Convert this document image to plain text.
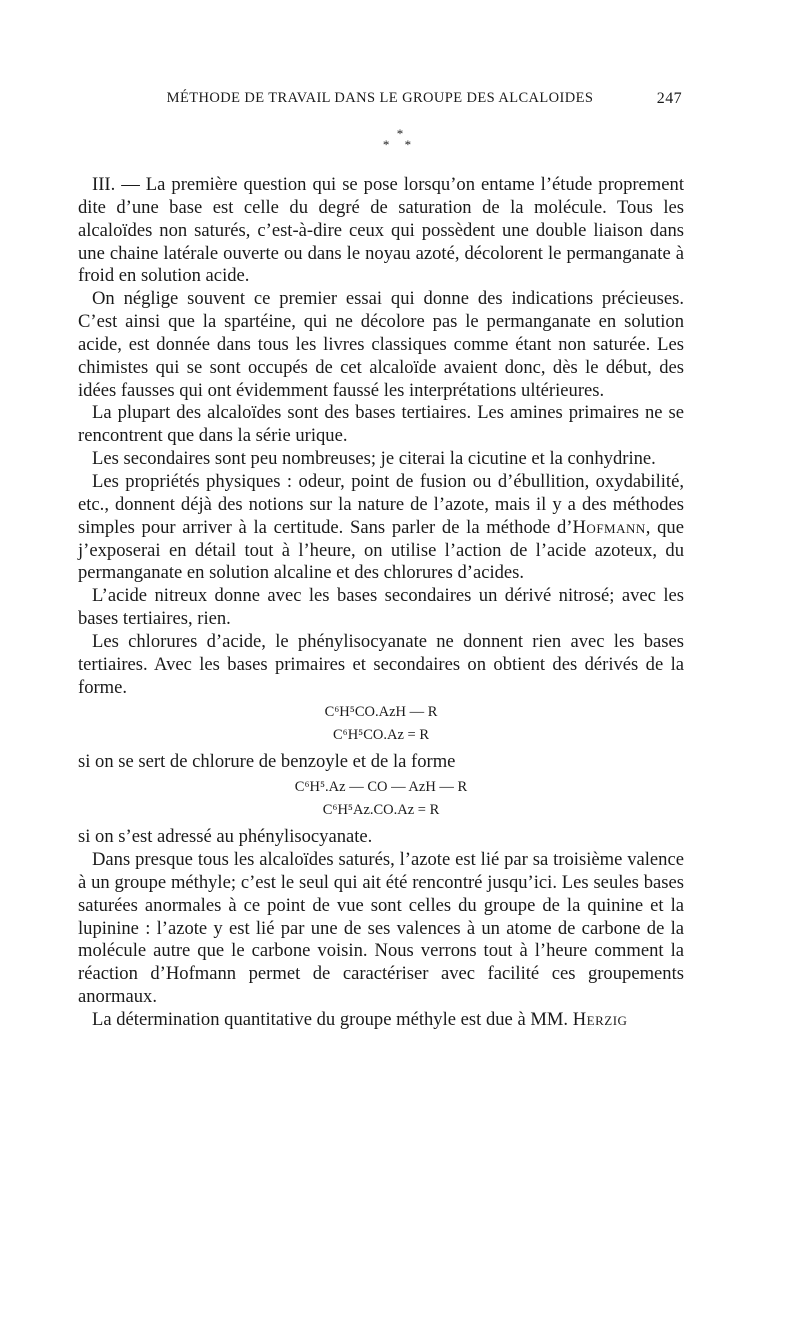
MÉTHODE DE TRAVAIL DANS LE GROUPE DES ALCALOIDES	247
*
* *

III. — La première question qui se pose lorsqu’on entame l’étude proprement dite d’une base est celle du degré de saturation de la molécule. Tous les alcaloïdes non saturés, c’est-à-dire ceux qui possèdent une double liaison dans une chaine latérale ouverte ou dans le noyau azoté, décolorent le permanganate à froid en solution acide.

On néglige souvent ce premier essai qui donne des indications précieuses. C’est ainsi que la spartéine, qui ne décolore pas le permanganate en solution acide, est donnée dans tous les livres classiques comme étant non saturée. Les chimistes qui se sont occupés de cet alcaloïde avaient donc, dès le début, des idées fausses qui ont évidemment faussé les interprétations ultérieures.

La plupart des alcaloïdes sont des bases tertiaires. Les amines primaires ne se rencontrent que dans la série urique.

Les secondaires sont peu nombreuses; je citerai la cicutine et la conhydrine.

Les propriétés physiques : odeur, point de fusion ou d’ébullition, oxydabilité, etc., donnent déjà des notions sur la nature de l’azote, mais il y a des méthodes simples pour arriver à la certitude. Sans parler de la méthode d’Hofmann, que j’exposerai en détail tout à l’heure, on utilise l’action de l’acide azoteux, du permanganate en solution alcaline et des chlorures d’acides.

L’acide nitreux donne avec les bases secondaires un dérivé nitrosé; avec les bases tertiaires, rien.

Les chlorures d’acide, le phénylisocyanate ne donnent rien avec les bases tertiaires. Avec les bases primaires et secondaires on obtient des dérivés de la forme.

C⁶H⁵CO.AzH — R
C⁶H⁵CO.Az = R

si on se sert de chlorure de benzoyle et de la forme

C⁶H⁵.Az — CO — AzH — R
C⁶H⁵Az.CO.Az = R

si on s’est adressé au phénylisocyanate.

Dans presque tous les alcaloïdes saturés, l’azote est lié par sa troisième valence à un groupe méthyle; c’est le seul qui ait été rencontré jusqu’ici. Les seules bases saturées anormales à ce point de vue sont celles du groupe de la quinine et la lupinine : l’azote y est lié par une de ses valences à un atome de carbone de la molécule autre que le carbone voisin. Nous verrons tout à l’heure comment la réaction d’Hofmann permet de caractériser avec facilité ces groupements anormaux.

La détermination quantitative du groupe méthyle est due à MM. Herzig
